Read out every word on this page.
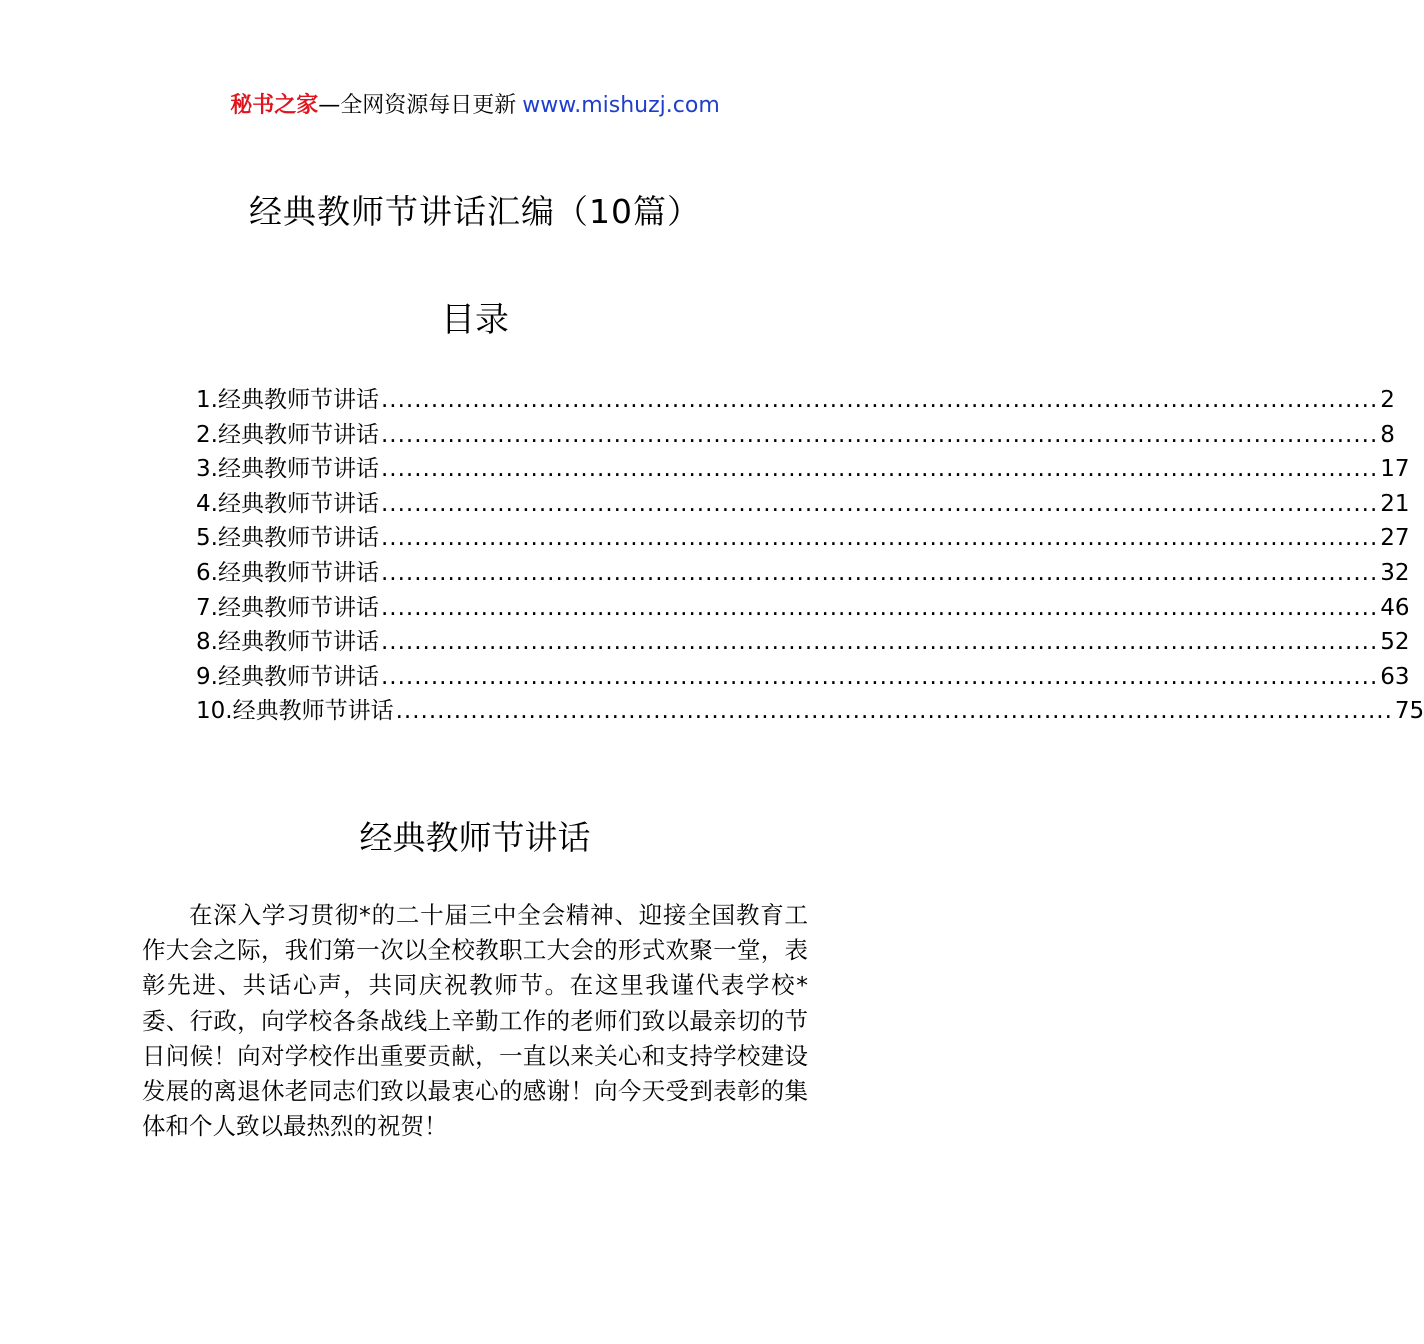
秘书之家—全网资源每日更新 www.mishuzj.com
经典教师节讲话汇编（10篇）
目录
1.经典教师节讲话 ........................................................................................................................ 2
2.经典教师节讲话 ........................................................................................................................ 8
3.经典教师节讲话 ........................................................................................................................ 17
4.经典教师节讲话 ........................................................................................................................ 21
5.经典教师节讲话 ........................................................................................................................ 27
6.经典教师节讲话 ........................................................................................................................ 32
7.经典教师节讲话 ........................................................................................................................ 46
8.经典教师节讲话 ........................................................................................................................ 52
9.经典教师节讲话 ........................................................................................................................ 63
10.经典教师节讲话 ........................................................................................................................ 75
经典教师节讲话

在深入学习贯彻*的二十届三中全会精神、迎接全国教育工作大会之际，我们第一次以全校教职工大会的形式欢聚一堂，表彰先进、共话心声，共同庆祝教师节。在这里我谨代表学校*委、行政，向学校各条战线上辛勤工作的老师们致以最亲切的节日问候！向对学校作出重要贡献，一直以来关心和支持学校建设发展的离退休老同志们致以最衷心的感谢！向今天受到表彰的集体和个人致以最热烈的祝贺！
